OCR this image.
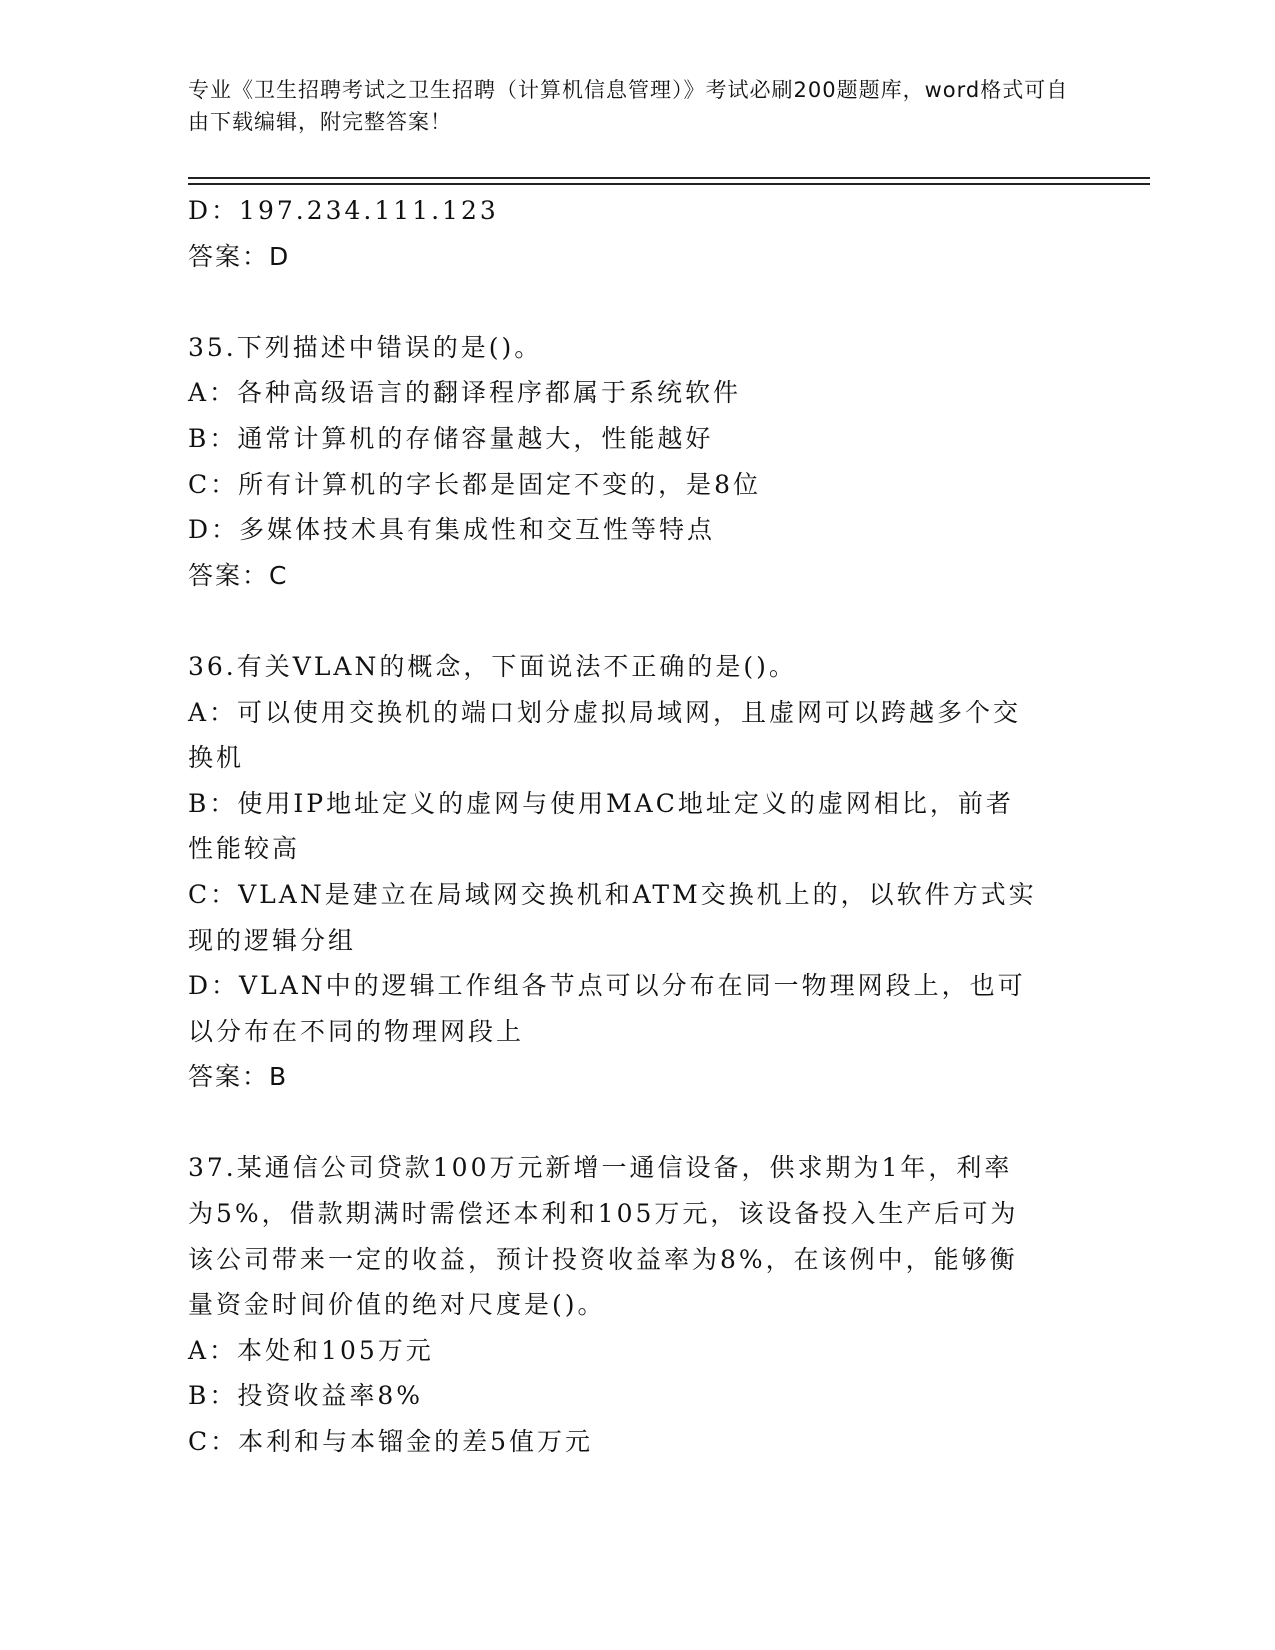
专业《卫生招聘考试之卫生招聘（计算机信息管理）》考试必刷200题题库，word格式可自由下载编辑，附完整答案！
D：197.234.111.123
答案：D
35.下列描述中错误的是()。
A：各种高级语言的翻译程序都属于系统软件
B：通常计算机的存储容量越大，性能越好
C：所有计算机的字长都是固定不变的，是8位
D：多媒体技术具有集成性和交互性等特点
答案：C
36.有关VLAN的概念，下面说法不正确的是()。
A：可以使用交换机的端口划分虚拟局域网，且虚网可以跨越多个交换机
B：使用IP地址定义的虚网与使用MAC地址定义的虚网相比，前者性能较高
C：VLAN是建立在局域网交换机和ATM交换机上的，以软件方式实现的逻辑分组
D：VLAN中的逻辑工作组各节点可以分布在同一物理网段上，也可以分布在不同的物理网段上
答案：B
37.某通信公司贷款100万元新增一通信设备，供求期为1年，利率为5%，借款期满时需偿还本利和105万元，该设备投入生产后可为该公司带来一定的收益，预计投资收益率为8%，在该例中，能够衡量资金时间价值的绝对尺度是()。
A：本处和105万元
B：投资收益率8%
C：本利和与本镏金的差5值万元
